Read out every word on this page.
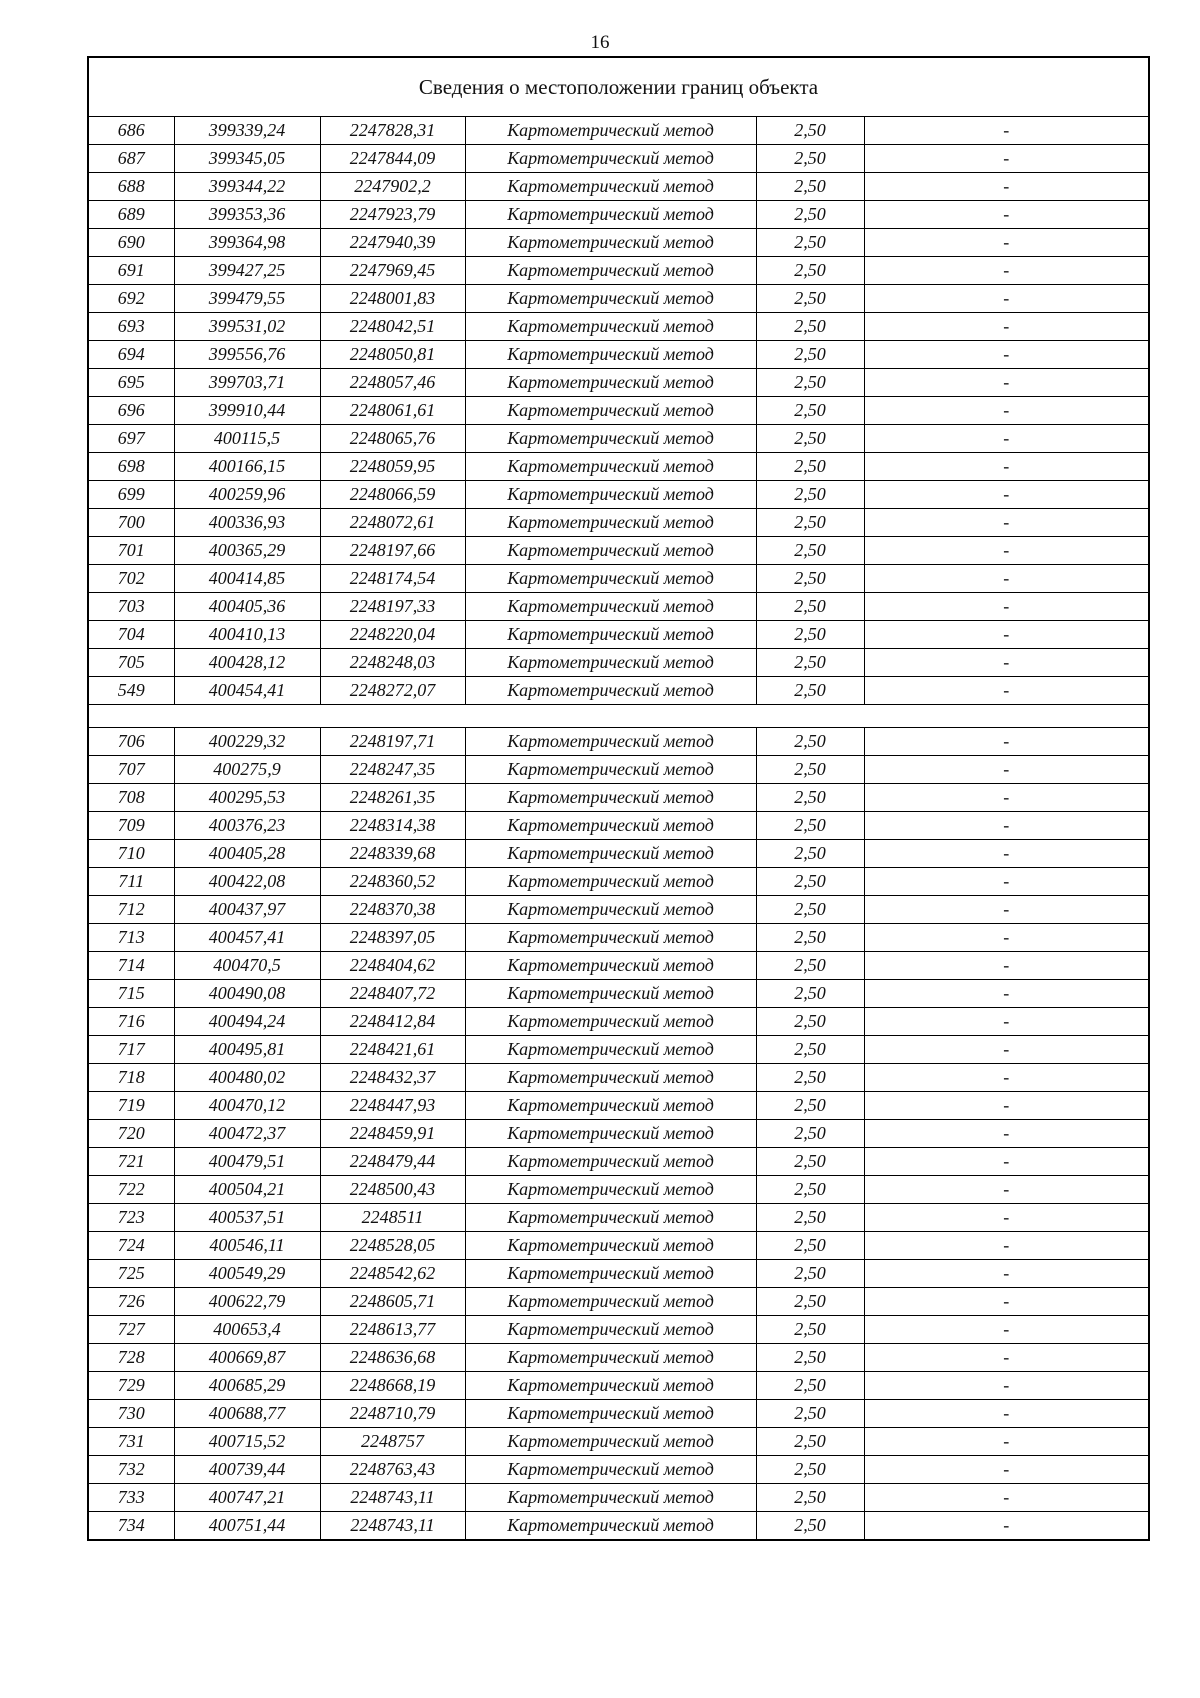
16
Сведения о местоположении границ объекта					
686	399339,24	2247828,31	Картометрический метод	2,50	-
687	399345,05	2247844,09	Картометрический метод	2,50	-
688	399344,22	2247902,2	Картометрический метод	2,50	-
689	399353,36	2247923,79	Картометрический метод	2,50	-
690	399364,98	2247940,39	Картометрический метод	2,50	-
691	399427,25	2247969,45	Картометрический метод	2,50	-
692	399479,55	2248001,83	Картометрический метод	2,50	-
693	399531,02	2248042,51	Картометрический метод	2,50	-
694	399556,76	2248050,81	Картометрический метод	2,50	-
695	399703,71	2248057,46	Картометрический метод	2,50	-
696	399910,44	2248061,61	Картометрический метод	2,50	-
697	400115,5	2248065,76	Картометрический метод	2,50	-
698	400166,15	2248059,95	Картометрический метод	2,50	-
699	400259,96	2248066,59	Картометрический метод	2,50	-
700	400336,93	2248072,61	Картометрический метод	2,50	-
701	400365,29	2248197,66	Картометрический метод	2,50	-
702	400414,85	2248174,54	Картометрический метод	2,50	-
703	400405,36	2248197,33	Картометрический метод	2,50	-
704	400410,13	2248220,04	Картометрический метод	2,50	-
705	400428,12	2248248,03	Картометрический метод	2,50	-
549	400454,41	2248272,07	Картометрический метод	2,50	-

706	400229,32	2248197,71	Картометрический метод	2,50	-
707	400275,9	2248247,35	Картометрический метод	2,50	-
708	400295,53	2248261,35	Картометрический метод	2,50	-
709	400376,23	2248314,38	Картометрический метод	2,50	-
710	400405,28	2248339,68	Картометрический метод	2,50	-
711	400422,08	2248360,52	Картометрический метод	2,50	-
712	400437,97	2248370,38	Картометрический метод	2,50	-
713	400457,41	2248397,05	Картометрический метод	2,50	-
714	400470,5	2248404,62	Картометрический метод	2,50	-
715	400490,08	2248407,72	Картометрический метод	2,50	-
716	400494,24	2248412,84	Картометрический метод	2,50	-
717	400495,81	2248421,61	Картометрический метод	2,50	-
718	400480,02	2248432,37	Картометрический метод	2,50	-
719	400470,12	2248447,93	Картометрический метод	2,50	-
720	400472,37	2248459,91	Картометрический метод	2,50	-
721	400479,51	2248479,44	Картометрический метод	2,50	-
722	400504,21	2248500,43	Картометрический метод	2,50	-
723	400537,51	2248511	Картометрический метод	2,50	-
724	400546,11	2248528,05	Картометрический метод	2,50	-
725	400549,29	2248542,62	Картометрический метод	2,50	-
726	400622,79	2248605,71	Картометрический метод	2,50	-
727	400653,4	2248613,77	Картометрический метод	2,50	-
728	400669,87	2248636,68	Картометрический метод	2,50	-
729	400685,29	2248668,19	Картометрический метод	2,50	-
730	400688,77	2248710,79	Картометрический метод	2,50	-
731	400715,52	2248757	Картометрический метод	2,50	-
732	400739,44	2248763,43	Картометрический метод	2,50	-
733	400747,21	2248743,11	Картометрический метод	2,50	-
734	400751,44	2248743,11	Картометрический метод	2,50	-
